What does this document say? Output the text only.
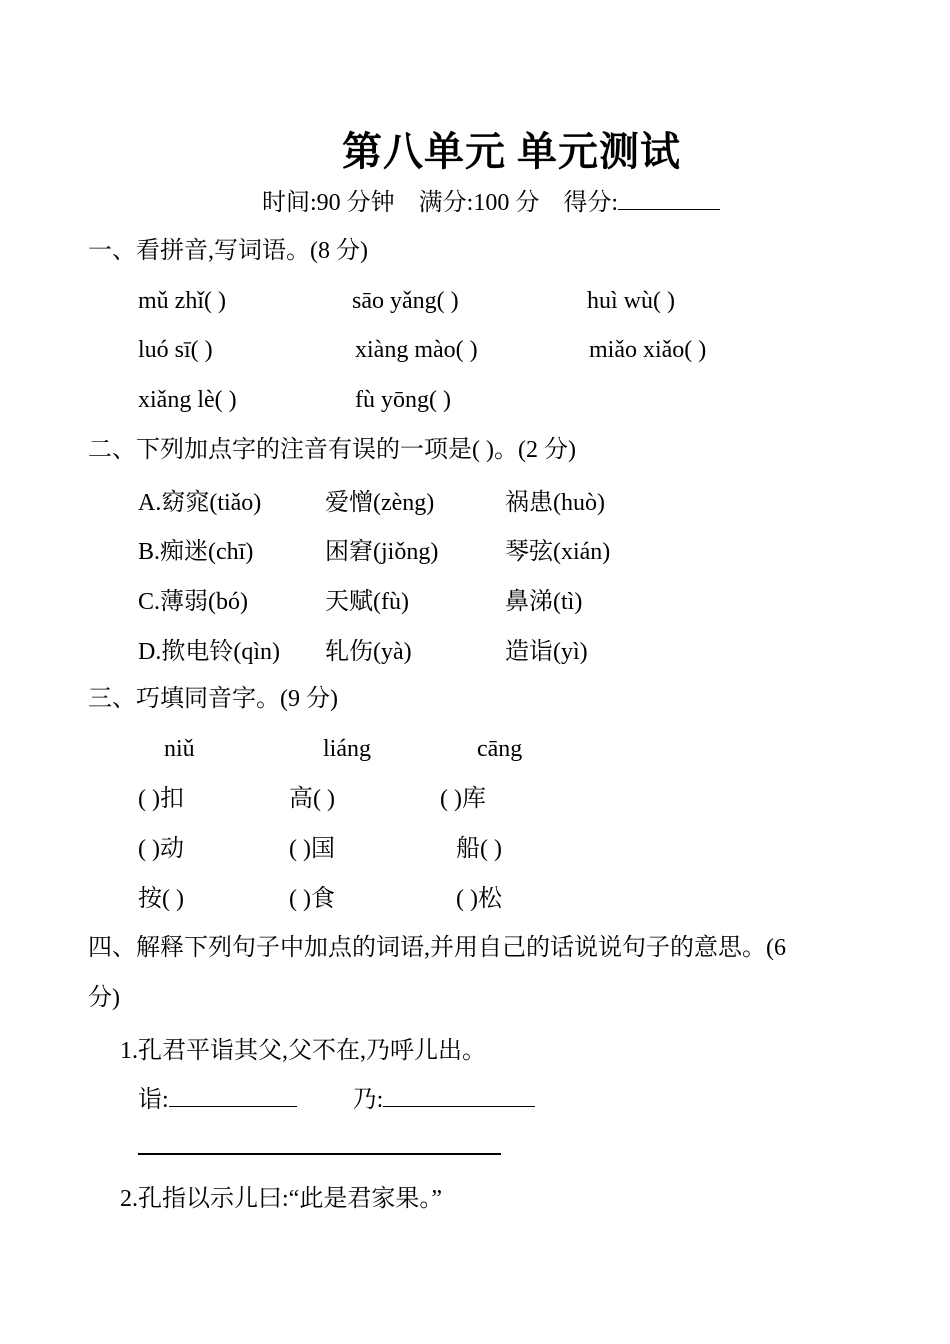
第八单元 单元测试
时间:90 分钟 满分:100 分 得分:
一、看拼音,写词语。(8 分)
mǔ zhǐ( )	sāo yǎng( )	huì wù( )
luó sī( )	xiàng mào( )	miǎo xiǎo( )
xiǎng lè( )	fù yōng( )
二、下列加点字的注音有误的一项是( )。(2 分)
A.窈窕(tiǎo)	爱憎(zèng)	祸患(huò)
B.痴迷(chī)	困窘(jiǒng)	琴弦(xián)
C.薄弱(bó)	天赋(fù)	鼻涕(tì)
D.揿电铃(qìn) 轧伤(yà)	造诣(yì)
三、巧填同音字。(9 分)
niǔ	liáng	cāng
( )扣	高( )	( )库
( )动	( )国	船( )
按( )	( )食	( )松
四、解释下列句子中加点的词语,并用自己的话说说句子的意思。(6
分)
1.孔君平诣其父,父不在,乃呼儿出。
诣:	乃:
2.孔指以示儿曰:“此是君家果。”
